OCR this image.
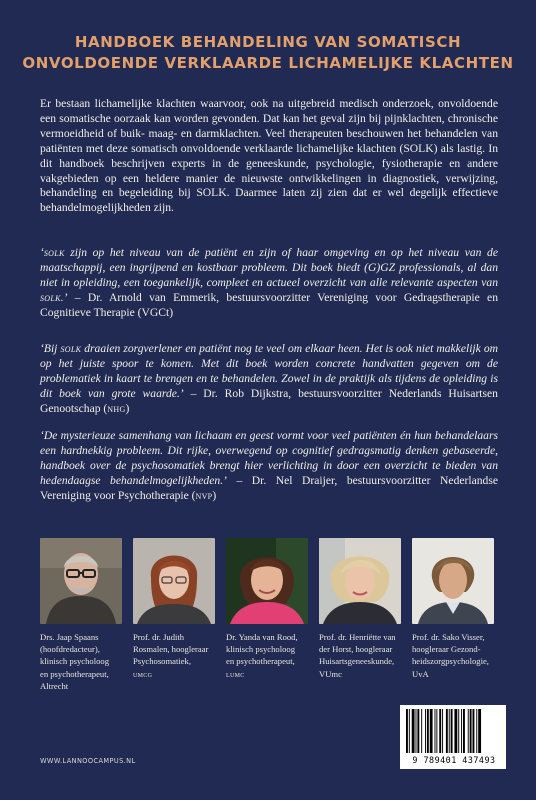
HANDBOEK BEHANDELING VAN SOMATISCH
ONVOLDOENDE VERKLAARDE LICHAMELIJKE KLACHTEN

Er bestaan lichamelijke klachten waarvoor, ook na uitgebreid medisch onderzoek, onvoldoende een somatische oorzaak kan worden gevonden. Dat kan het geval zijn bij pijnklachten, chronische vermoeidheid of buik- maag- en darmklachten. Veel therapeuten beschouwen het behandelen van patiënten met deze somatisch onvoldoende verklaarde lichamelijke klachten (SOLK) als lastig. In dit handboek beschrijven experts in de geneeskunde, psychologie, fysiotherapie en andere vakgebieden op een heldere manier de nieuwste ontwikkelingen in diagnostiek, verwijzing, behandeling en begeleiding bij SOLK. Daarmee laten zij zien dat er wel degelijk effectieve behandelmogelijkheden zijn.

‘solk zijn op het niveau van de patiënt en zijn of haar omgeving en op het niveau van de maatschappij, een ingrijpend en kostbaar probleem. Dit boek biedt (G)GZ professionals, al dan niet in opleiding, een toegankelijk, compleet en actueel overzicht van alle relevante aspecten van solk.’ – Dr. Arnold van Emmerik, bestuursvoorzitter Vereniging voor Gedragstherapie en Cognitieve Therapie (VGCt)

‘Bij solk draaien zorgverlener en patiënt nog te veel om elkaar heen. Het is ook niet makkelijk om op het juiste spoor te komen. Met dit boek worden concrete handvatten gegeven om de problematiek in kaart te brengen en te behandelen. Zowel in de praktijk als tijdens de opleiding is dit boek van grote waarde.’ – Dr. Rob Dijkstra, bestuursvoorzitter Nederlands Huisartsen Genootschap (nhg)

‘De mysterieuze samenhang van lichaam en geest vormt voor veel patiënten én hun behandelaars een hardnekkig probleem. Dit rijke, overwegend op cognitief gedragsmatig denken gebaseerde, handboek over de psychosomatiek brengt hier verlichting in door een overzicht te bieden van hedendaagse behandelmogelijkheden.’ – Dr. Nel Draijer, bestuursvoorzitter Nederlandse Vereniging voor Psychotherapie (nvp)

Drs. Jaap Spaans
(hoofdredacteur),
klinisch psycholoog
en psychotherapeut,
Altrecht
Prof. dr. Judith
Rosmalen, hoogleraar
Psychosomatiek,
umcg
Dr. Yanda van Rood,
klinisch psycholoog
en psychotherapeut,
lumc
Prof. dr. Henriëtte van
der Horst, hoogleraar
Huisartsgeneeskunde,
VUmc
Prof. dr. Sako Visser,
hoogleraar Gezond-
heidszorgpsychologie,
UvA
WWW.LANNOOCAMPUS.NL	9 789401 437493
